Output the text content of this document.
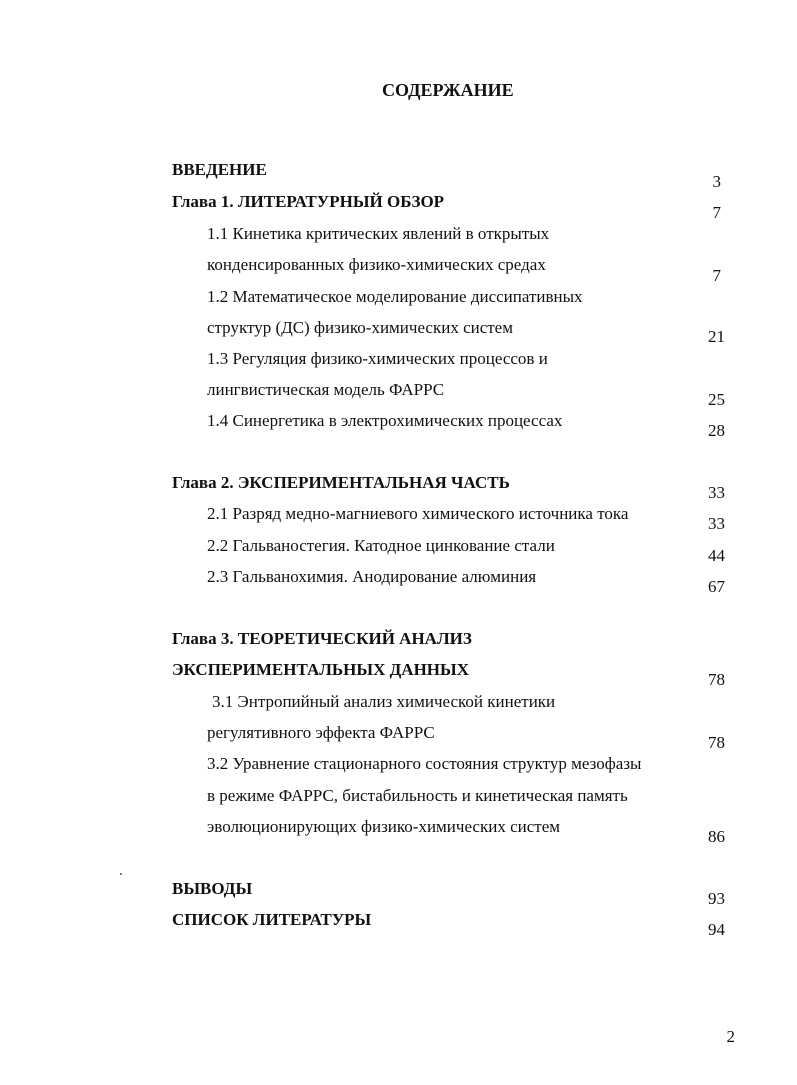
СОДЕРЖАНИЕ
ВВЕДЕНИЕ
3
Глава 1. ЛИТЕРАТУРНЫЙ ОБЗОР
7
1.1 Кинетика критических явлений в открытых
конденсированных физико-химических средах
7
1.2 Математическое моделирование диссипативных
структур (ДС) физико-химических систем	21
1.3 Регуляция физико-химических процессов и
лингвистическая модель ФАРРС
25
1.4 Синергетика в электрохимических процессах
28
Глава 2. ЭКСПЕРИМЕНТАЛЬНАЯ ЧАСТЬ
33
2.1 Разряд медно-магниевого химического источника тока
33
2.2 Гальваностегия. Катодное цинкование стали
44
2.3 Гальванохимия. Анодирование алюминия
67
Глава 3. ТЕОРЕТИЧЕСКИЙ АНАЛИЗ
ЭКСПЕРИМЕНТАЛЬНЫХ ДАННЫХ
78
3.1 Энтропийный анализ химической кинетики
регулятивного эффекта ФАРРС
78
3.2 Уравнение стационарного состояния структур мезофазы
в режиме ФАРРС, бистабильность и кинетическая память
эволюционирующих физико-химических систем
86
ВЫВОДЫ
93
СПИСОК ЛИТЕРАТУРЫ
94
2
